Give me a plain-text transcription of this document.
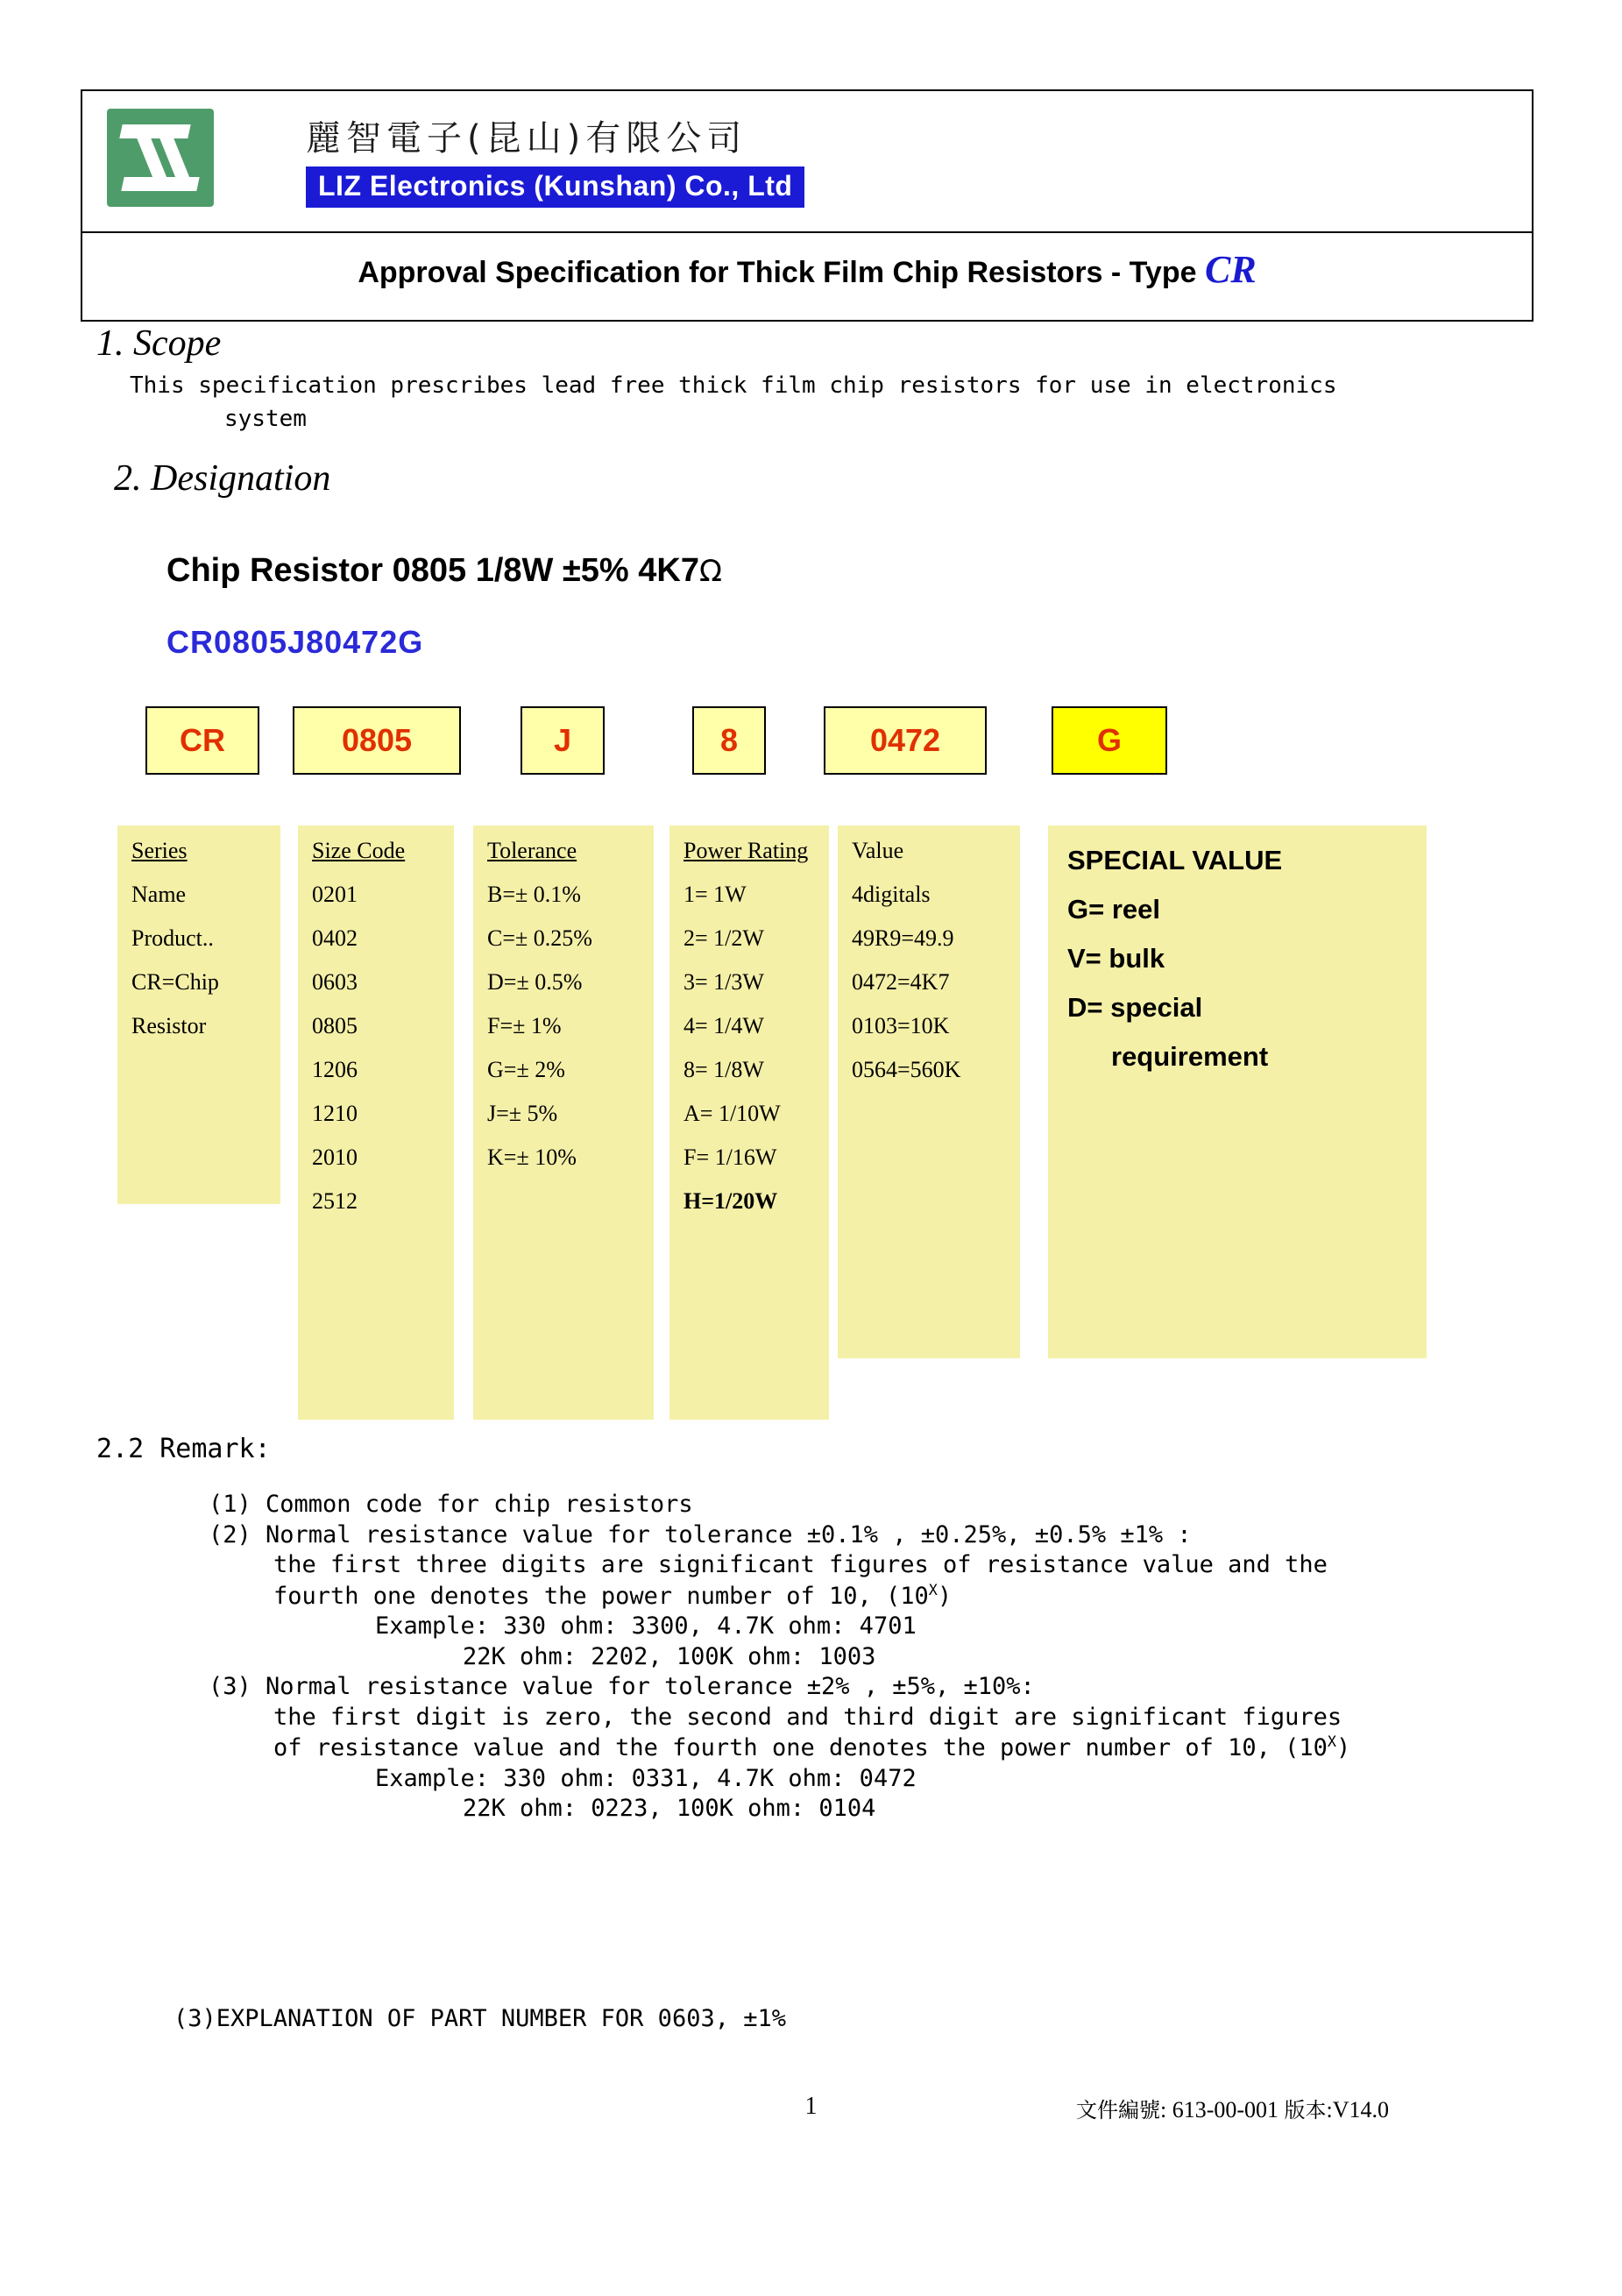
麗智電子(昆山)有限公司
LIZ Electronics (Kunshan) Co., Ltd
Approval Specification for Thick Film Chip Resistors - Type CR
1. Scope
This specification prescribes lead free thick film chip resistors for use in electronics
system
2. Designation
Chip Resistor 0805 1/8W ±5% 4K7Ω
CR0805J80472G
CR	0805	J	8	0472	G
Series
Name
Product..
CR=Chip
Resistor
Size Code
0201
0402
0603
0805
1206
1210
2010
2512
Tolerance
B=± 0.1%
C=± 0.25%
D=± 0.5%
F=± 1%
G=± 2%
J=± 5%
K=± 10%
Power Rating
1= 1W
2= 1/2W
3= 1/3W
4= 1/4W
8= 1/8W
A= 1/10W
F= 1/16W
H=1/20W
Value
4digitals
49R9=49.9
0472=4K7
0103=10K
0564=560K
SPECIAL VALUE
G= reel
V= bulk
D= special
requirement
2.2 Remark:
(1) Common code for chip resistors
(2) Normal resistance value for tolerance ±0.1% , ±0.25%, ±0.5% ±1% :
the first three digits are significant figures of resistance value and the
fourth one denotes the power number of 10, $(10^X)$
Example: 330 ohm: 3300, 4.7K ohm: 4701
22K ohm: 2202, 100K ohm: 1003
(3) Normal resistance value for tolerance ±2% , ±5%, ±10%:
the first digit is zero, the second and third digit are significant figures
of resistance value and the fourth one denotes the power number of 10, $(10^X)$
Example: 330 ohm: 0331, 4.7K ohm: 0472
22K ohm: 0223, 100K ohm: 0104
(3)EXPLANATION OF PART NUMBER FOR 0603, ±1%
1	文件編號: 613-00-001 版本:V14.0
